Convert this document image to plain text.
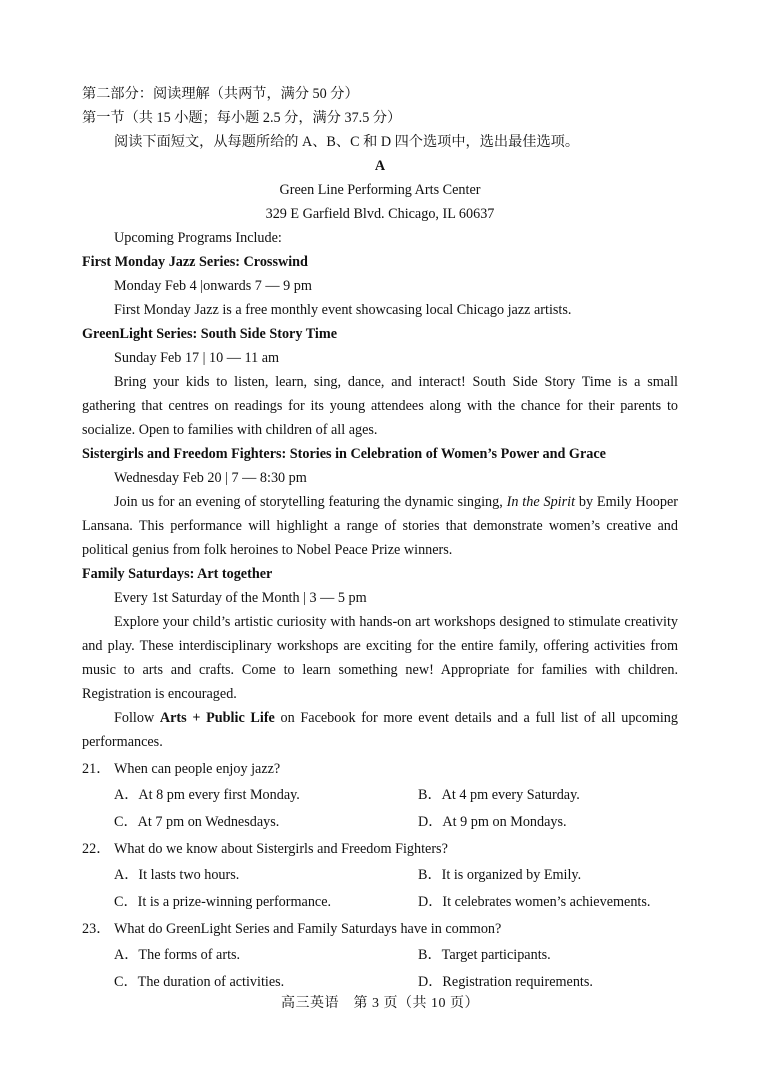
第二部分：阅读理解（共两节，满分 50 分）
第一节（共 15 小题；每小题 2.5 分，满分 37.5 分）
阅读下面短文，从每题所给的 A、B、C 和 D 四个选项中，选出最佳选项。
A
Green Line Performing Arts Center
329 E Garfield Blvd. Chicago, IL 60637
Upcoming Programs Include:
First Monday Jazz Series: Crosswind
Monday Feb 4 |onwards 7 — 9 pm
First Monday Jazz is a free monthly event showcasing local Chicago jazz artists.
GreenLight Series: South Side Story Time
Sunday Feb 17 | 10 — 11 am
Bring your kids to listen, learn, sing, dance, and interact! South Side Story Time is a small gathering that centres on readings for its young attendees along with the chance for their parents to socialize. Open to families with children of all ages.
Sistergirls and Freedom Fighters: Stories in Celebration of Women’s Power and Grace
Wednesday Feb 20 | 7 — 8:30 pm
Join us for an evening of storytelling featuring the dynamic singing, In the Spirit by Emily Hooper Lansana. This performance will highlight a range of stories that demonstrate women’s creative and political genius from folk heroines to Nobel Peace Prize winners.
Family Saturdays: Art together
Every 1st Saturday of the Month | 3 — 5 pm
Explore your child’s artistic curiosity with hands-on art workshops designed to stimulate creativity and play. These interdisciplinary workshops are exciting for the entire family, offering activities from music to arts and crafts. Come to learn something new! Appropriate for families with children. Registration is encouraged.
Follow Arts + Public Life on Facebook for more event details and a full list of all upcoming performances.
21． When can people enjoy jazz?
A．At 8 pm every first Monday.	B．At 4 pm every Saturday.
C．At 7 pm on Wednesdays.	D．At 9 pm on Mondays.
22． What do we know about Sistergirls and Freedom Fighters?
A．It lasts two hours.	B．It is organized by Emily.
C．It is a prize-winning performance.	D．It celebrates women’s achievements.
23． What do GreenLight Series and Family Saturdays have in common?
A．The forms of arts.	B．Target participants.
C．The duration of activities.	D．Registration requirements.
高三英语　第 3 页（共 10 页）
